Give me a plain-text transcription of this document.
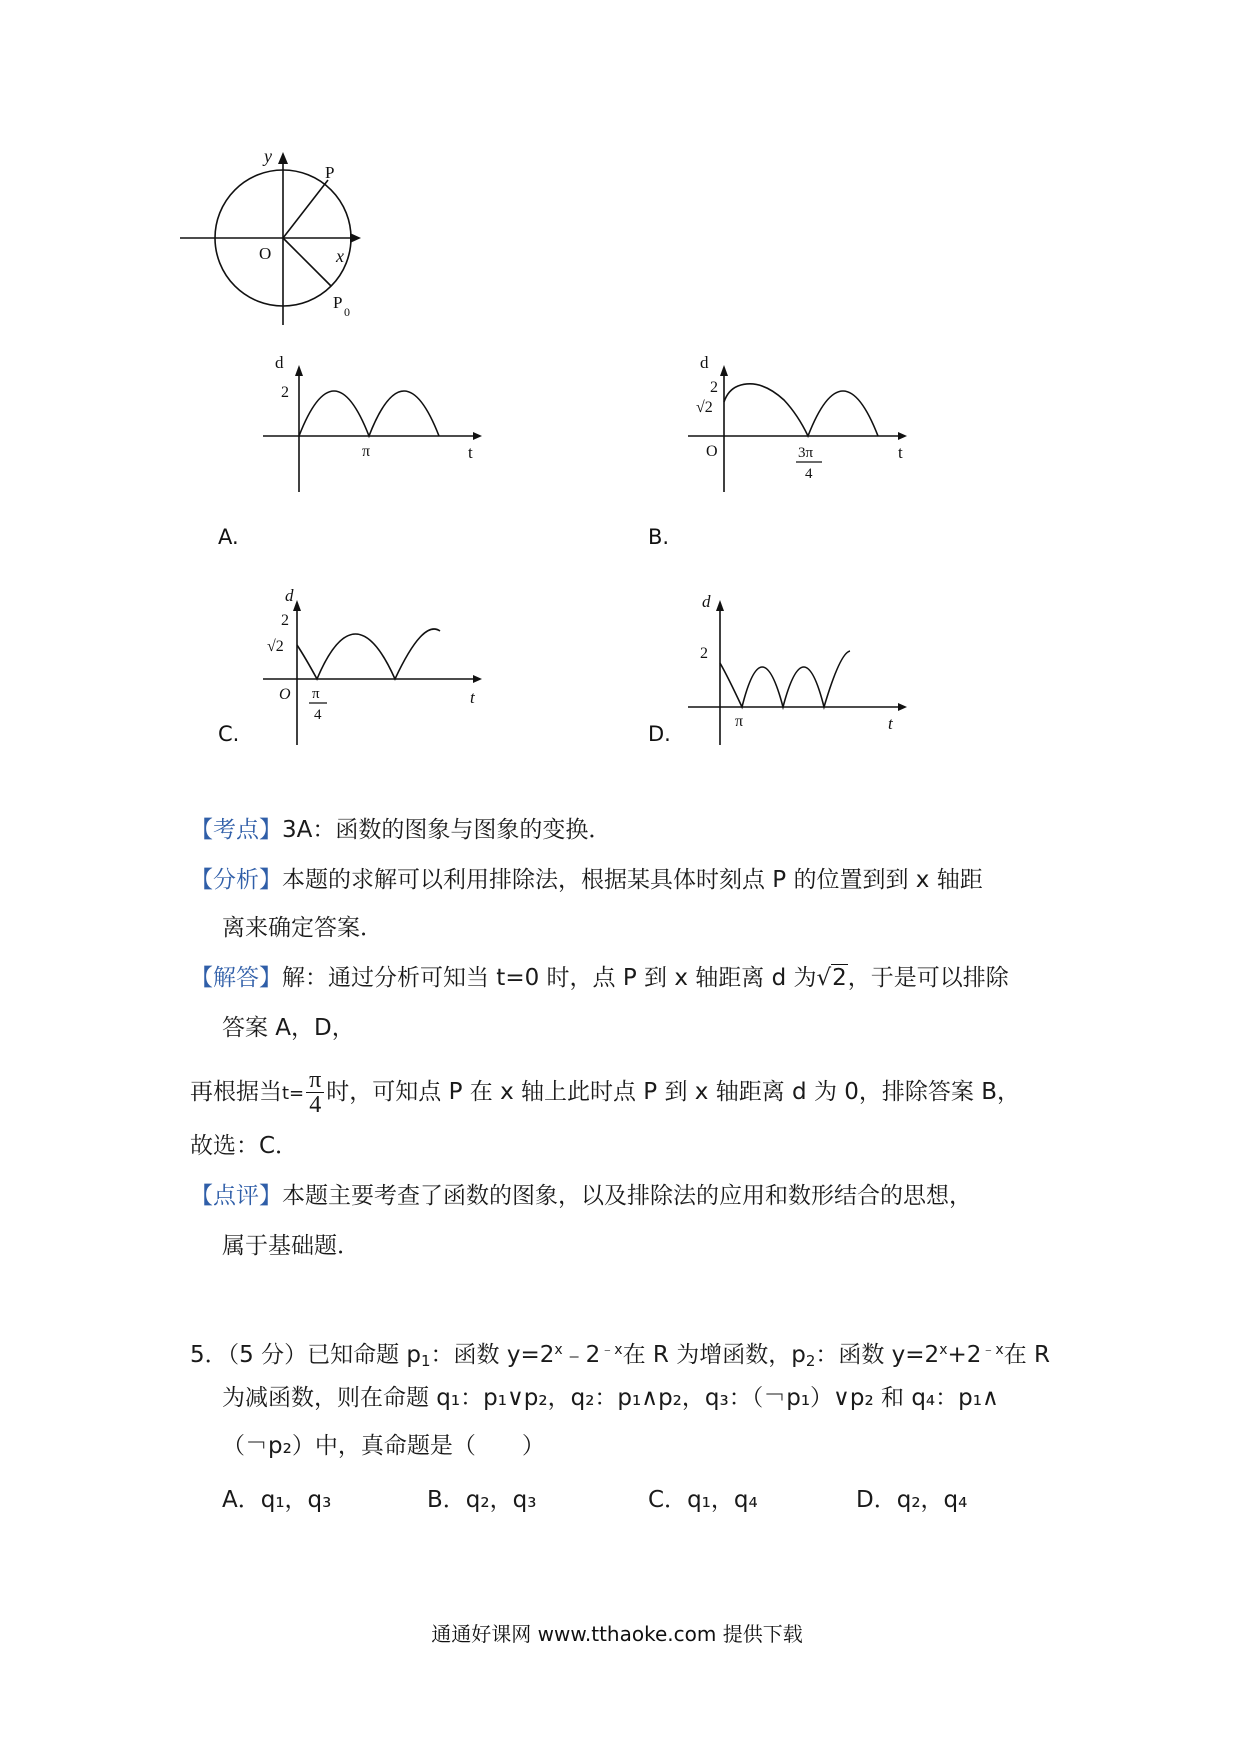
y
x
O
P
P 0
d
2
π	t
A.
d
2
√2
O	3π
4
t
B.
d
2
√2
O π
4
t
C.
d
2
π	t
D.
【考点】3A：函数的图象与图象的变换．
【分析】本题的求解可以利用排除法，根据某具体时刻点 P 的位置到到 x 轴距
离来确定答案．
【解答】解：通过分析可知当 t=0 时，点 P 到 x 轴距离 d 为√2，于是可以排除
答案 A，D，
再根据当$t= \frac{\pi}{4}$ 时，可知点 P 在 x 轴上此时点 P 到 x 轴距离 d 为 0，排除答案 B，
故选：C．
【点评】本题主要考查了函数的图象，以及排除法的应用和数形结合的思想，
属于基础题．
5．（5 分）已知命题 $p_1$：函数 $y=2^x﹣2^{﹣x}$在 R 为增函数，$p_2$：函数 $y=2^x+2^{﹣x}$在 R
为减函数，则在命题 q₁：p₁∨p₂，q₂：p₁∧p₂，q₃：（￢p₁）∨p₂ 和 q₄：p₁∧
（￢p₂）中，真命题是（　　）
A．q₁，q₃	B．q₂，q₃	C．q₁，q₄	D．q₂，q₄
通通好课网 www.tthaoke.com 提供下载
